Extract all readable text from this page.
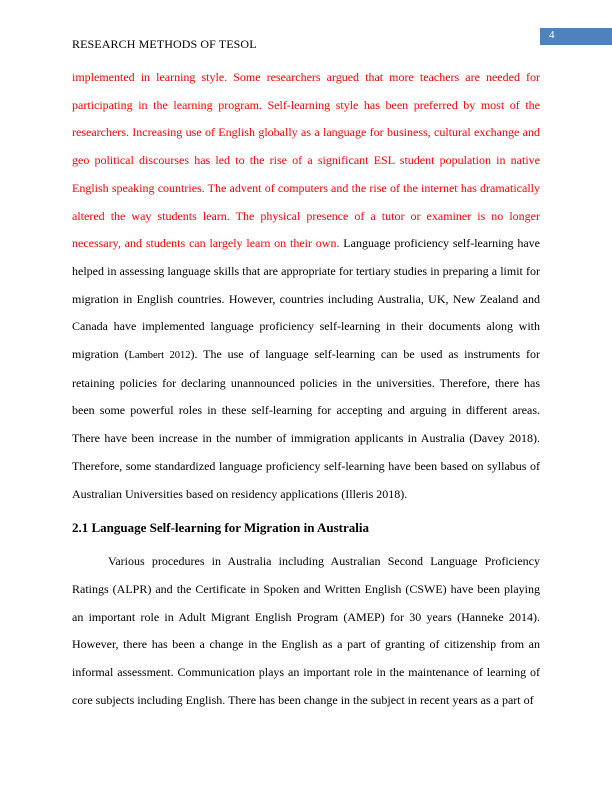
RESEARCH METHODS OF TESOL
4

implemented in learning style. Some researchers argued that more teachers are needed for participating in the learning program. Self-learning style has been preferred by most of the researchers. Increasing use of English globally as a language for business, cultural exchange and geo political discourses has led to the rise of a significant ESL student population in native English speaking countries. The advent of computers and the rise of the internet has dramatically altered the way students learn. The physical presence of a tutor or examiner is no longer necessary, and students can largely learn on their own. Language proficiency self-learning have helped in assessing language skills that are appropriate for tertiary studies in preparing a limit for migration in English countries. However, countries including Australia, UK, New Zealand and Canada have implemented language proficiency self-learning in their documents along with migration (Lambert 2012). The use of language self-learning can be used as instruments for retaining policies for declaring unannounced policies in the universities. Therefore, there has been some powerful roles in these self-learning for accepting and arguing in different areas. There have been increase in the number of immigration applicants in Australia (Davey 2018). Therefore, some standardized language proficiency self-learning have been based on syllabus of Australian Universities based on residency applications (Illeris 2018).

2.1 Language Self-learning for Migration in Australia

Various procedures in Australia including Australian Second Language Proficiency Ratings (ALPR) and the Certificate in Spoken and Written English (CSWE) have been playing an important role in Adult Migrant English Program (AMEP) for 30 years (Hanneke 2014). However, there has been a change in the English as a part of granting of citizenship from an informal assessment. Communication plays an important role in the maintenance of learning of core subjects including English. There has been change in the subject in recent years as a part of
